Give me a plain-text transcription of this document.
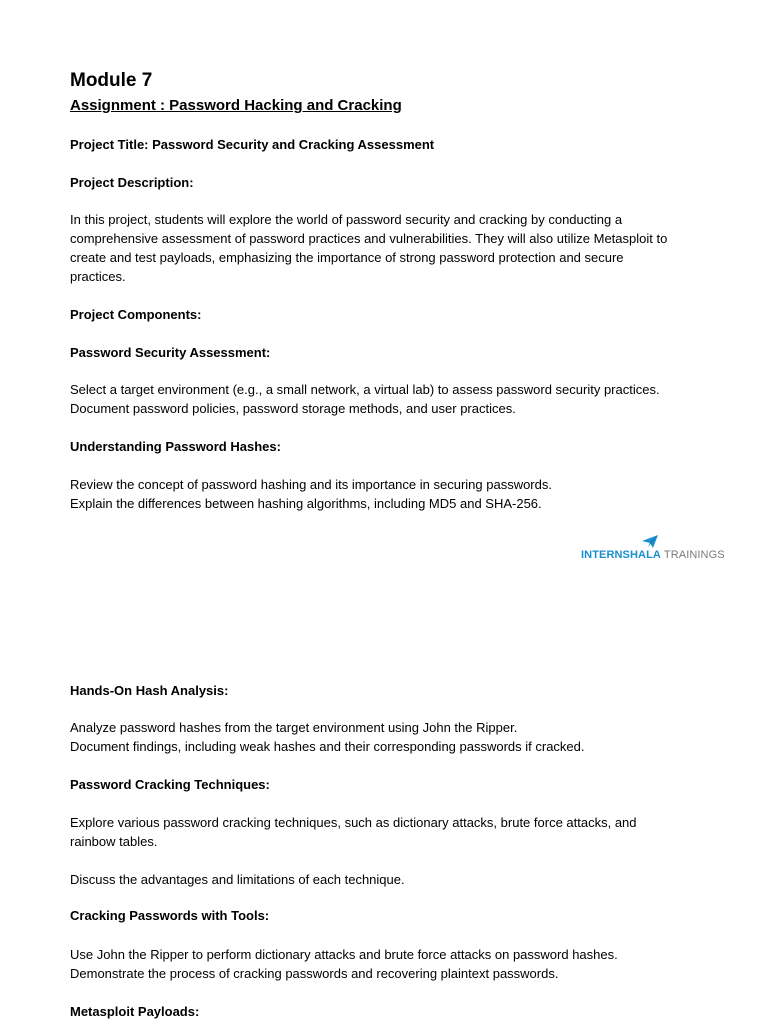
Module 7
Assignment : Password Hacking and Cracking

Project Title: Password Security and Cracking Assessment

Project Description:

In this project, students will explore the world of password security and cracking by conducting a

comprehensive assessment of password practices and vulnerabilities. They will also utilize Metasploit to

create and test payloads, emphasizing the importance of strong password protection and secure

practices.

Project Components:

Password Security Assessment:

Select a target environment (e.g., a small network, a virtual lab) to assess password security practices.

Document password policies, password storage methods, and user practices.

Understanding Password Hashes:

Review the concept of password hashing and its importance in securing passwords.

Explain the differences between hashing algorithms, including MD5 and SHA-256.

INTERNSHALA TRAININGS

Hands-On Hash Analysis:

Analyze password hashes from the target environment using John the Ripper.

Document findings, including weak hashes and their corresponding passwords if cracked.

Password Cracking Techniques:

Explore various password cracking techniques, such as dictionary attacks, brute force attacks, and

rainbow tables.

Discuss the advantages and limitations of each technique.

Cracking Passwords with Tools:

Use John the Ripper to perform dictionary attacks and brute force attacks on password hashes.

Demonstrate the process of cracking passwords and recovering plaintext passwords.

Metasploit Payloads:
